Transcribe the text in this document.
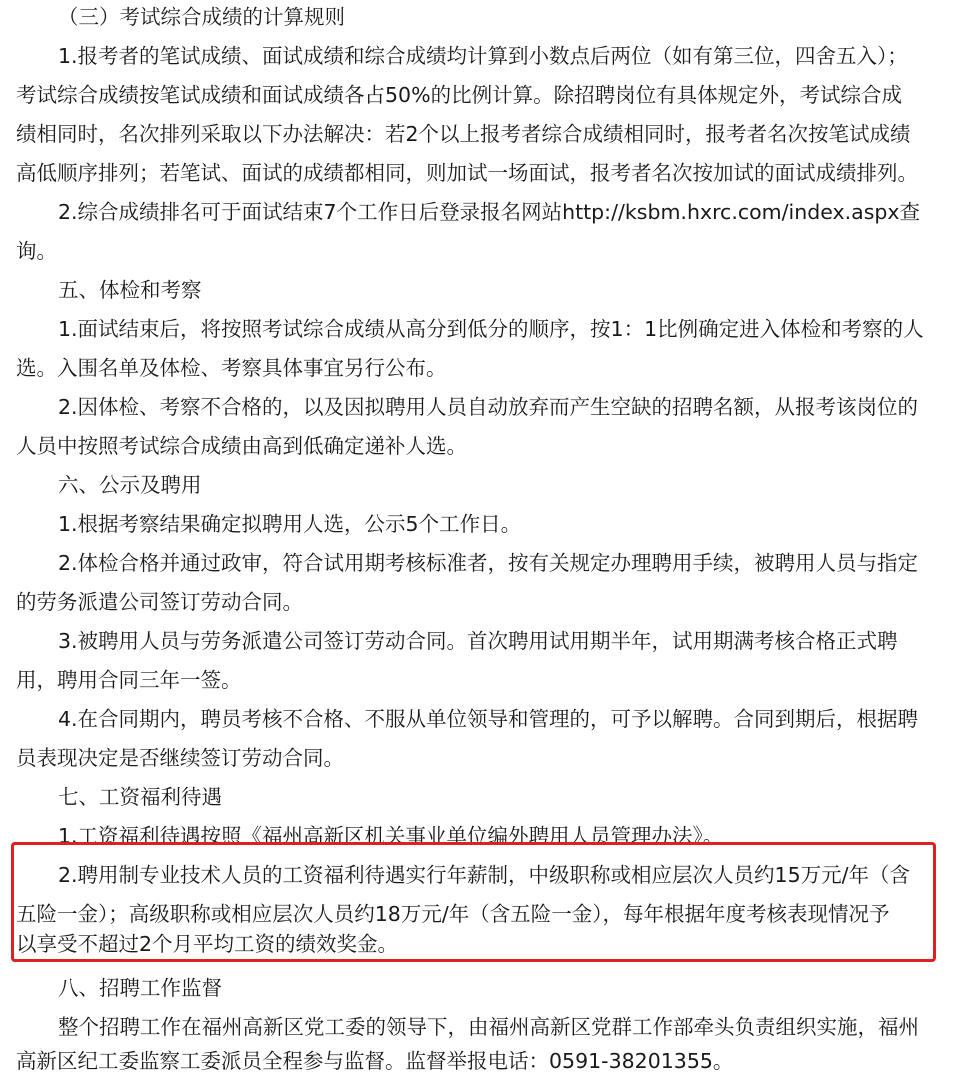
（三）考试综合成绩的计算规则
1.报考者的笔试成绩、面试成绩和综合成绩均计算到小数点后两位（如有第三位，四舍五入）；
考试综合成绩按笔试成绩和面试成绩各占50%的比例计算。除招聘岗位有具体规定外，考试综合成
绩相同时，名次排列采取以下办法解决：若2个以上报考者综合成绩相同时，报考者名次按笔试成绩
高低顺序排列；若笔试、面试的成绩都相同，则加试一场面试，报考者名次按加试的面试成绩排列。
2.综合成绩排名可于面试结束7个工作日后登录报名网站http://ksbm.hxrc.com/index.aspx查
询。
五、体检和考察
1.面试结束后，将按照考试综合成绩从高分到低分的顺序，按1：1比例确定进入体检和考察的人
选。入围名单及体检、考察具体事宜另行公布。
2.因体检、考察不合格的，以及因拟聘用人员自动放弃而产生空缺的招聘名额，从报考该岗位的
人员中按照考试综合成绩由高到低确定递补人选。
六、公示及聘用
1.根据考察结果确定拟聘用人选，公示5个工作日。
2.体检合格并通过政审，符合试用期考核标准者，按有关规定办理聘用手续，被聘用人员与指定
的劳务派遣公司签订劳动合同。
3.被聘用人员与劳务派遣公司签订劳动合同。首次聘用试用期半年，试用期满考核合格正式聘
用，聘用合同三年一签。
4.在合同期内，聘员考核不合格、不服从单位领导和管理的，可予以解聘。合同到期后，根据聘
员表现决定是否继续签订劳动合同。
七、工资福利待遇
1.工资福利待遇按照《福州高新区机关事业单位编外聘用人员管理办法》。
2.聘用制专业技术人员的工资福利待遇实行年薪制，中级职称或相应层次人员约15万元/年（含
五险一金）；高级职称或相应层次人员约18万元/年（含五险一金），每年根据年度考核表现情况予
以享受不超过2个月平均工资的绩效奖金。
八、招聘工作监督
整个招聘工作在福州高新区党工委的领导下，由福州高新区党群工作部牵头负责组织实施，福州
高新区纪工委监察工委派员全程参与监督。监督举报电话：0591-38201355。
